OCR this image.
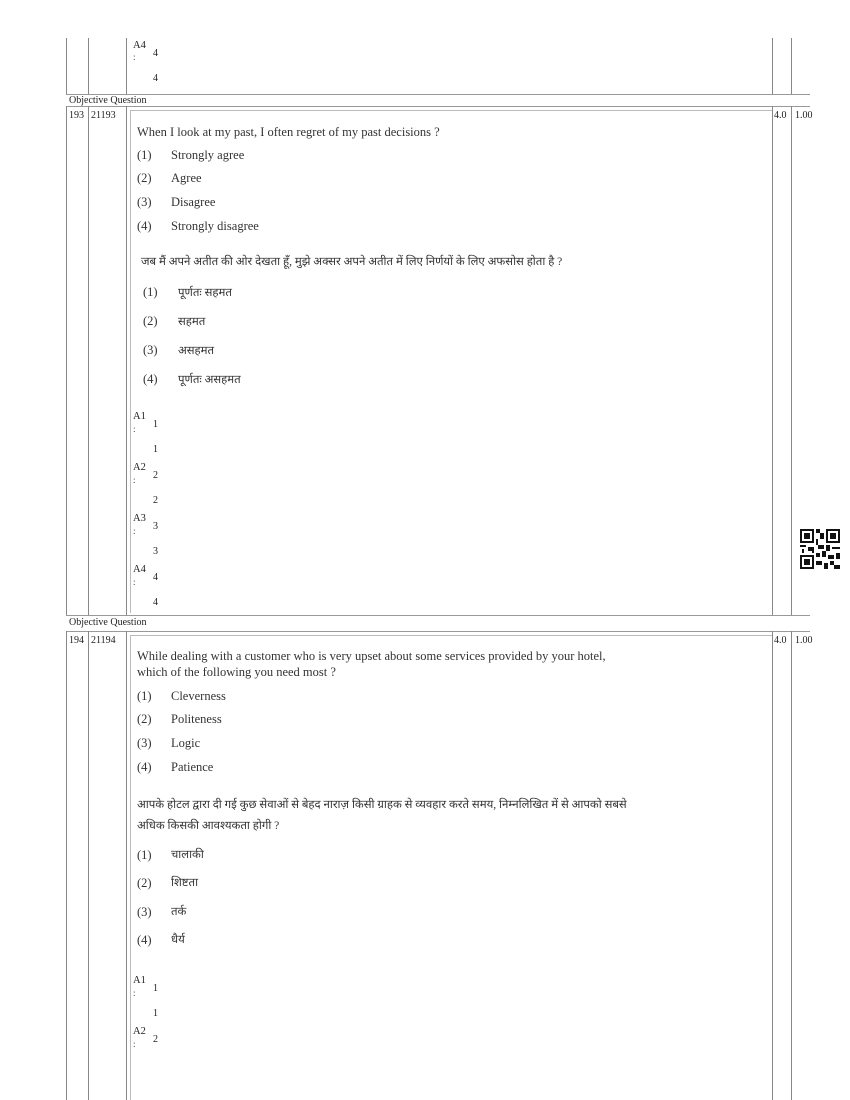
A4
: 4
4
Objective Question
193 21193	4.0 1.00
When I look at my past, I often regret of my past decisions ?
(1) Strongly agree
(2) Agree
(3) Disagree
(4) Strongly disagree
जब मैं अपने अतीत की ओर देखता हूँ, मुझे अक्सर अपने अतीत में लिए निर्णयों के लिए अफसोस होता है ?
(1) पूर्णतः सहमत
(2) सहमत
(3) असहमत
(4) पूर्णतः असहमत
A1
: 1
1
A2
: 2
2
A3
: 3
3
A4
: 4
4
Objective Question
194 21194	4.0 1.00
While dealing with a customer who is very upset about some services provided by your hotel,
which of the following you need most ?
(1) Cleverness
(2) Politeness
(3) Logic
(4) Patience
आपके होटल द्वारा दी गई कुछ सेवाओं से बेहद नाराज़ किसी ग्राहक से व्यवहार करते समय, निम्नलिखित में से आपको सबसे
अधिक किसकी आवश्यकता होगी ?
(1) चालाकी
(2) शिष्टता
(3) तर्क
(4) धैर्य
A1
: 1
1
A2
: 2
